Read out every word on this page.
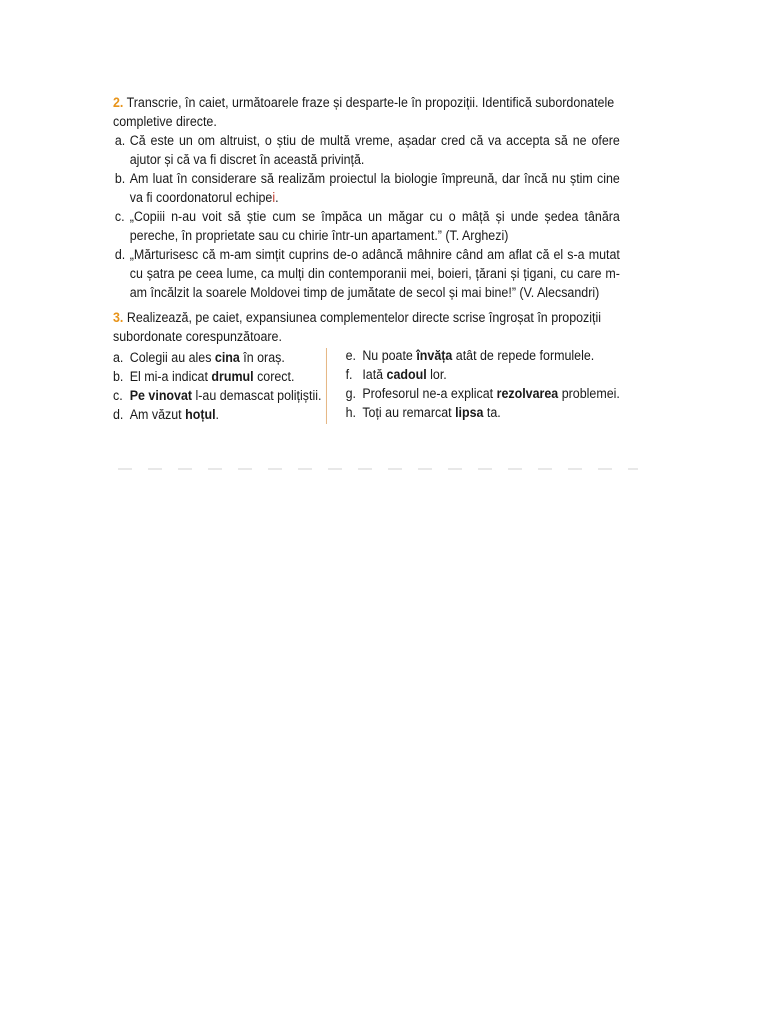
2. Transcrie, în caiet, următoarele fraze și desparte-le în propoziții. Identifică subordonatele completive directe.

a. Că este un om altruist, o știu de multă vreme, așadar cred că va accepta să ne ofere ajutor și că va fi discret în această privință.
b. Am luat în considerare să realizăm proiectul la biologie împreună, dar încă nu știm cine va fi coordonatorul echipei.
c. „Copiii n-au voit să știe cum se împăca un măgar cu o mâță și unde ședea tânăra pereche, în proprietate sau cu chirie într-un apartament.” (T. Arghezi)
d. „Mărturisesc că m-am simțit cuprins de-o adâncă mâhnire când am aflat că el s-a mutat cu șatra pe ceea lume, ca mulți din contemporanii mei, boieri, țărani și țigani, cu care m-am încălzit la soarele Moldovei timp de jumătate de secol și mai bine!” (V. Alecsandri)

3. Realizează, pe caiet, expansiunea complementelor directe scrise îngroșat în propoziții subordonate corespunzătoare.

a. Colegii au ales cina în oraș.
b. El mi-a indicat drumul corect.
c. Pe vinovat l-au demascat polițiștii.
d. Am văzut hoțul.
e. Nu poate învăța atât de repede formulele.
f. Iată cadoul lor.
g. Profesorul ne-a explicat rezolvarea problemei.
h. Toți au remarcat lipsa ta.
